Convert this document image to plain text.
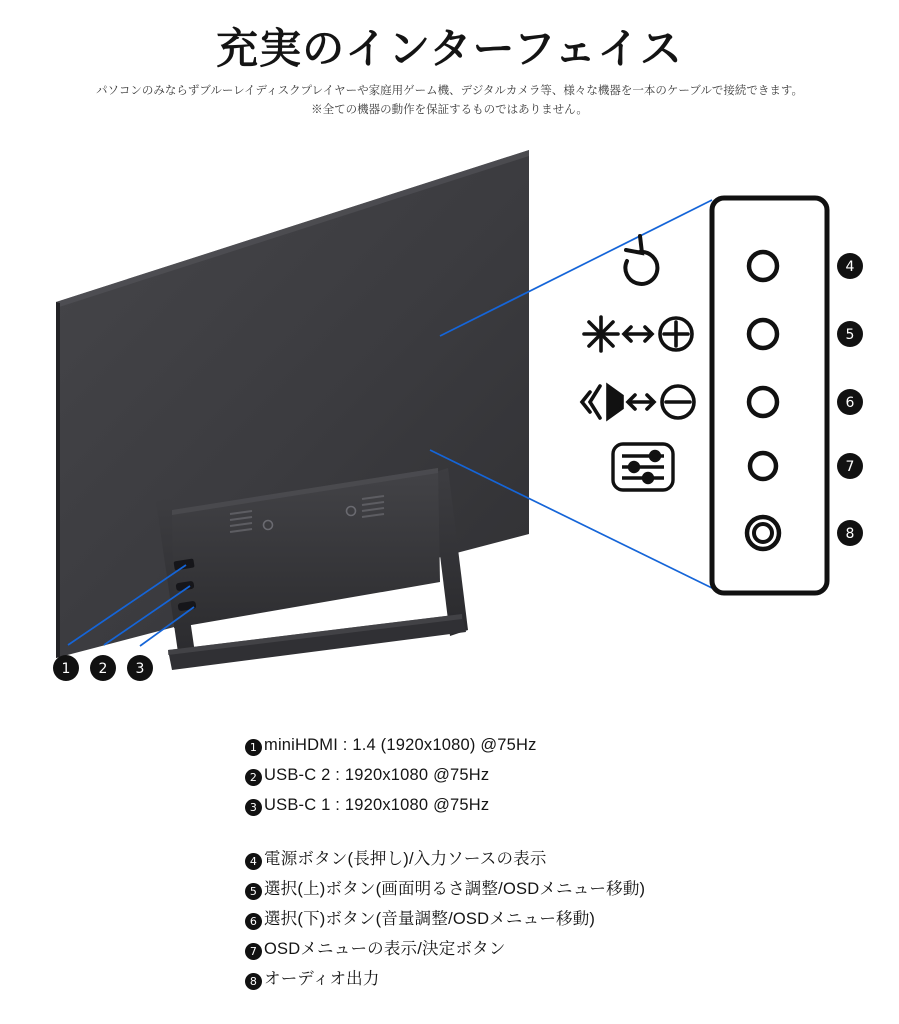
充実のインターフェイス
パソコンのみならずブルーレイディスクプレイヤーや家庭用ゲーム機、デジタルカメラ等、様々な機器を一本のケーブルで接続できます。
※全ての機器の動作を保証するものではありません。
1 2 3
4
5
6
7
8
1 miniHDMI : 1.4 (1920x1080) @75Hz
2 USB-C 2 : 1920x1080 @75Hz
3 USB-C 1 : 1920x1080 @75Hz
4 電源ボタン(長押し)/入力ソースの表示
5 選択(上)ボタン(画面明るさ調整/OSDメニュー移動)
6 選択(下)ボタン(音量調整/OSDメニュー移動)
7 OSDメニューの表示/決定ボタン
8 オーディオ出力
